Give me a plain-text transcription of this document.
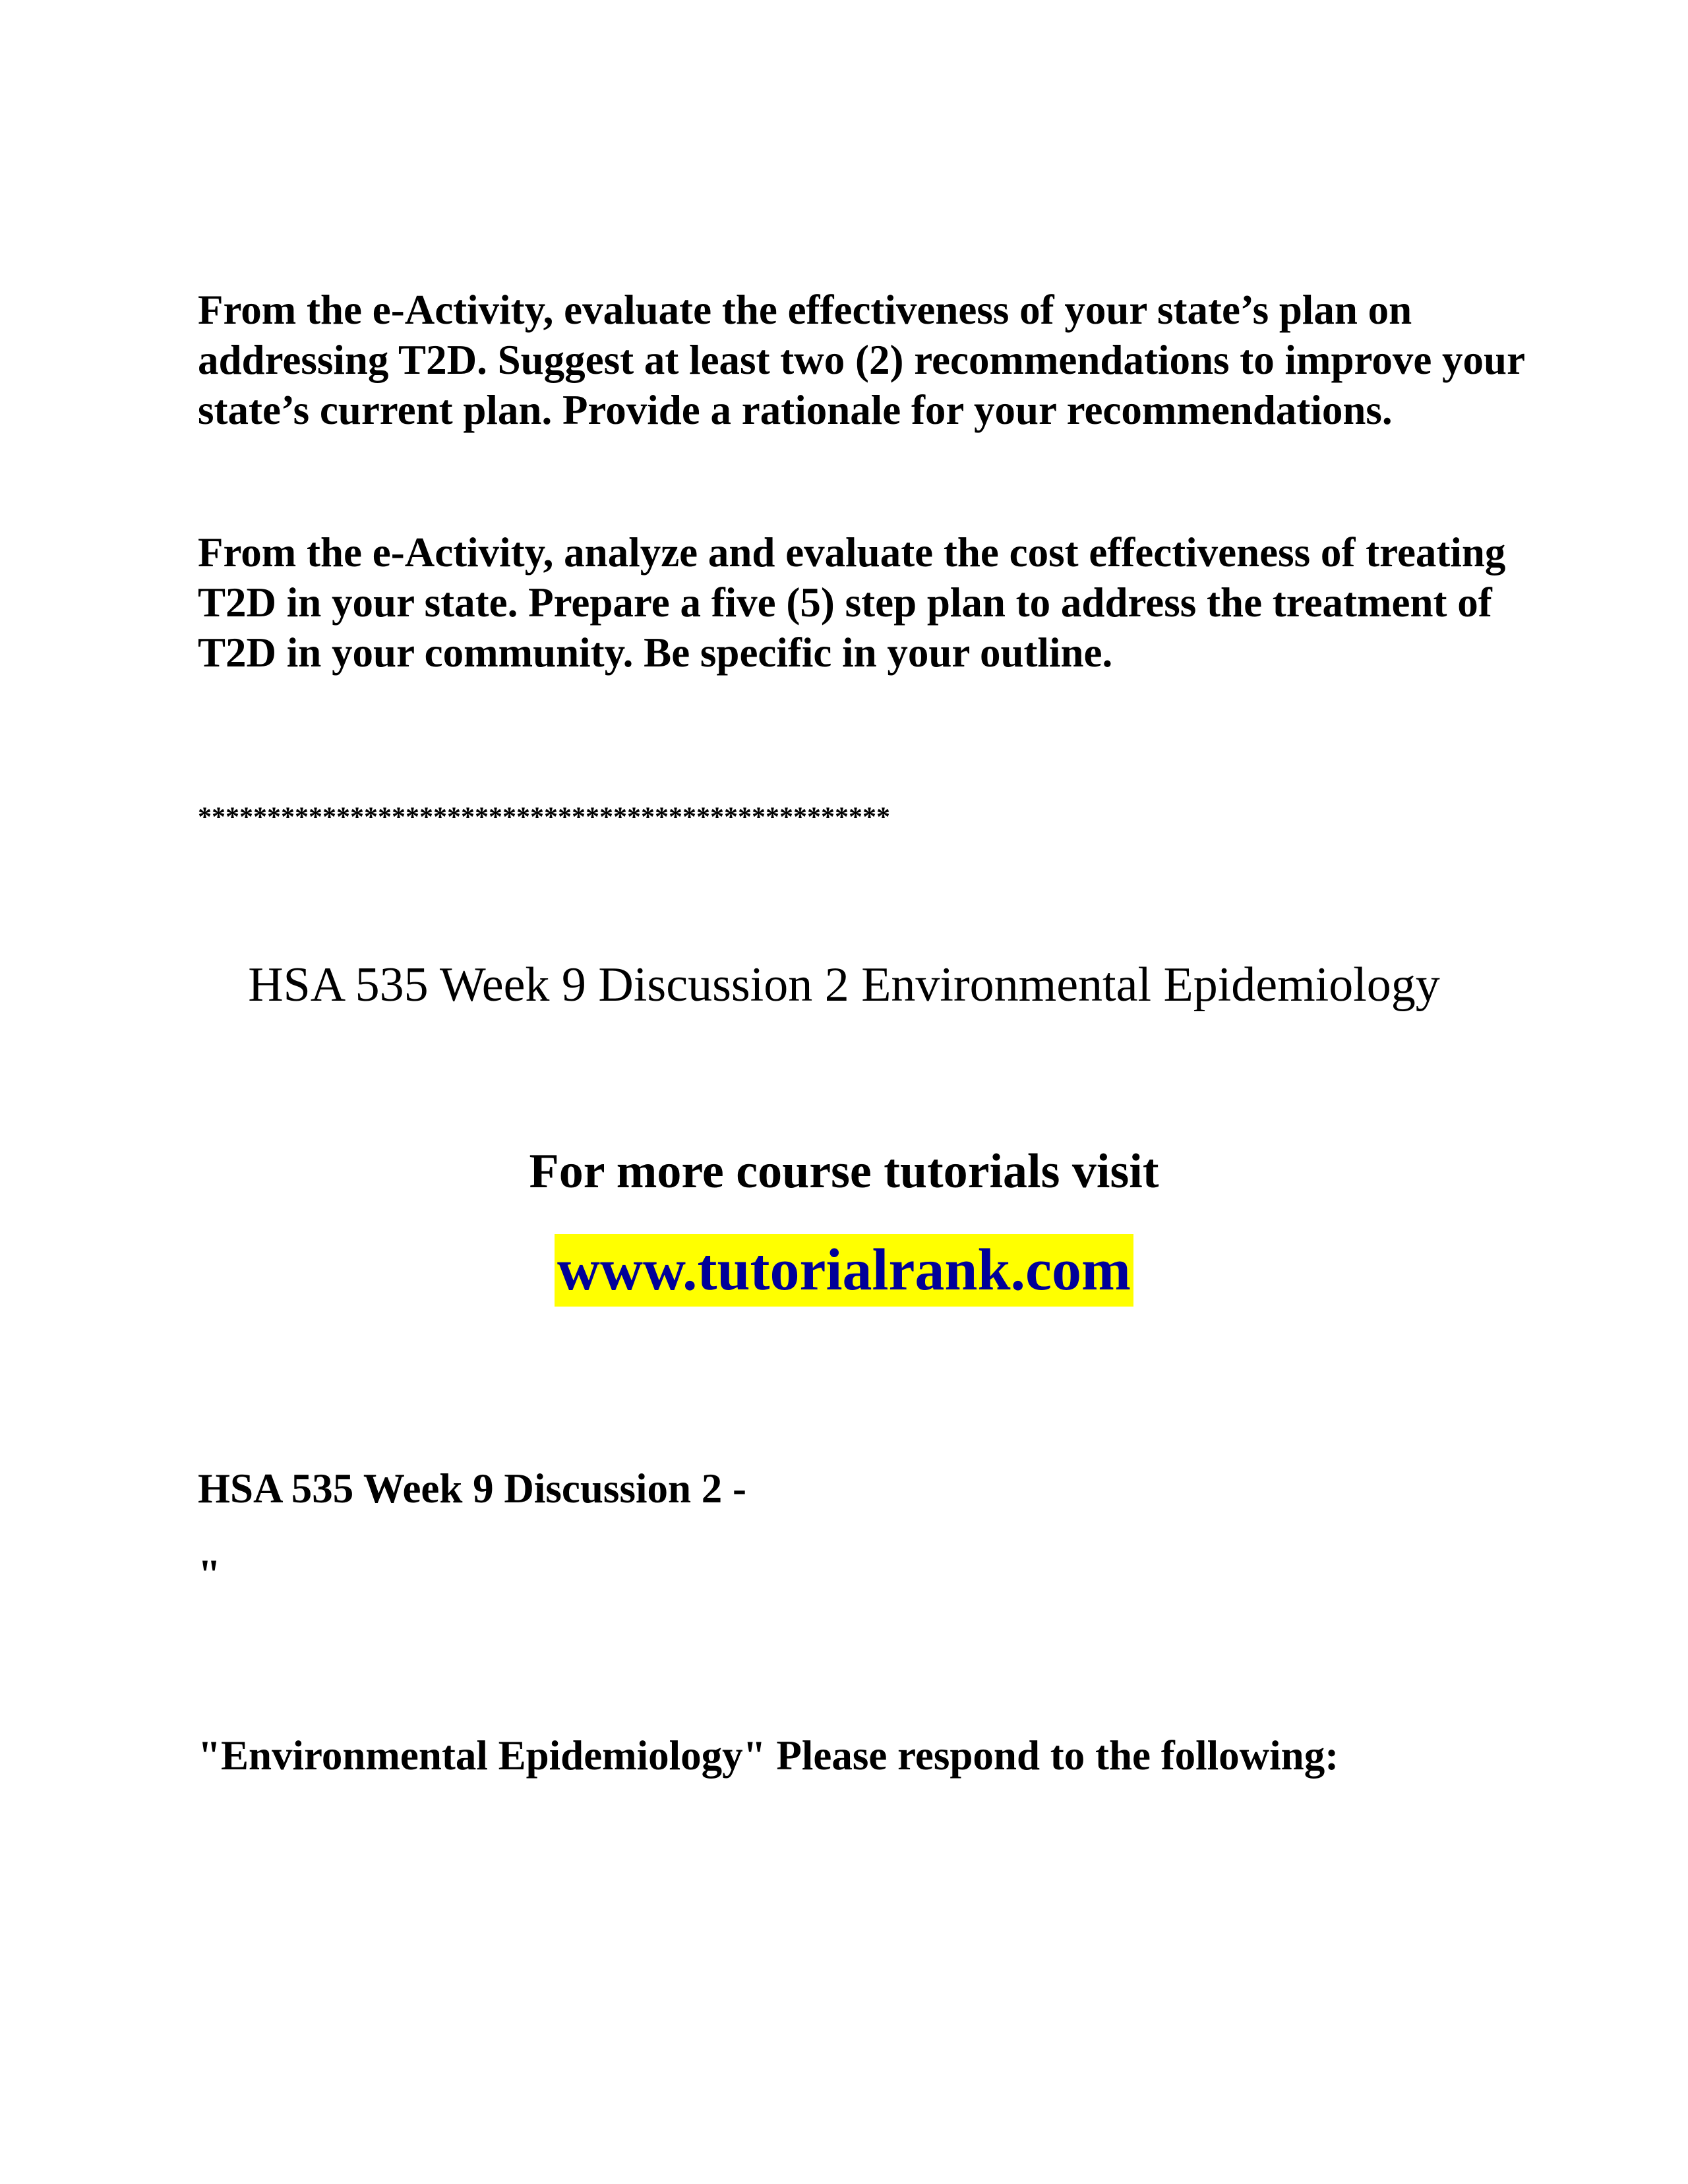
From the e-Activity, evaluate the effectiveness of your state’s plan on addressing T2D. Suggest at least two (2) recommendations to improve your state’s current plan. Provide a rationale for your recommendations.

From the e-Activity, analyze and evaluate the cost effectiveness of treating T2D in your state. Prepare a five (5) step plan to address the treatment of T2D in your community. Be specific in your outline.

**************************************************

HSA 535 Week 9 Discussion 2 Environmental Epidemiology

For more course tutorials visit

www.tutorialrank.com
HSA 535 Week 9 Discussion 2 -

"

"Environmental Epidemiology" Please respond to the following:
